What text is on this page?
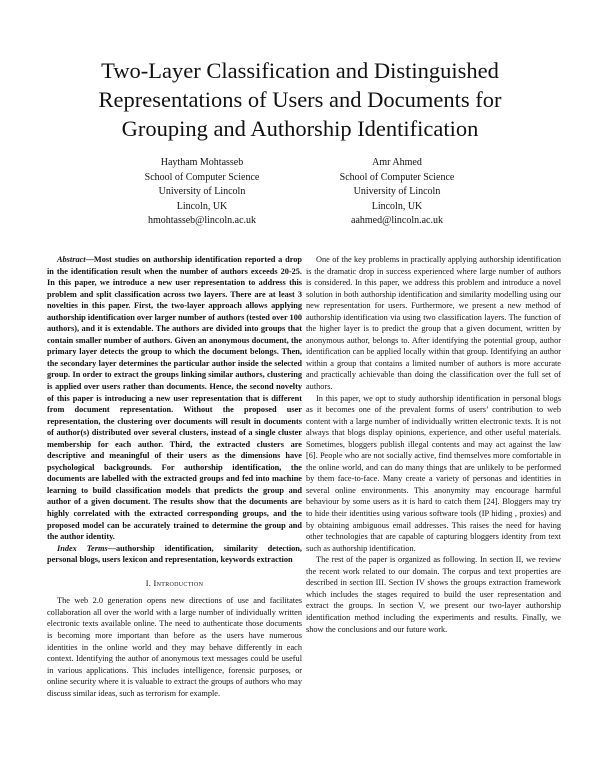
Two-Layer Classification and Distinguished
Representations of Users and Documents for
Grouping and Authorship Identification
Haytham Mohtasseb
School of Computer Science
University of Lincoln
Lincoln, UK
hmohtasseb@lincoln.ac.uk
Amr Ahmed
School of Computer Science
University of Lincoln
Lincoln, UK
aahmed@lincoln.ac.uk

Abstract—Most studies on authorship identification reported a drop in the identification result when the number of authors exceeds 20-25. In this paper, we introduce a new user representation to address this problem and split classification across two layers. There are at least 3 novelties in this paper. First, the two-layer approach allows applying authorship identification over larger number of authors (tested over 100 authors), and it is extendable. The authors are divided into groups that contain smaller number of authors. Given an anonymous document, the primary layer detects the group to which the document belongs. Then, the secondary layer determines the particular author inside the selected group. In order to extract the groups linking similar authors, clustering is applied over users rather than documents. Hence, the second novelty of this paper is introducing a new user representation that is different from document representation. Without the proposed user representation, the clustering over documents will result in documents of author(s) distributed over several clusters, instead of a single cluster membership for each author. Third, the extracted clusters are descriptive and meaningful of their users as the dimensions have psychological backgrounds. For authorship identification, the documents are labelled with the extracted groups and fed into machine learning to build classification models that predicts the group and author of a given document. The results show that the documents are highly correlated with the extracted corresponding groups, and the proposed model can be accurately trained to determine the group and the author identity.

Index Terms—authorship identification, similarity detection, personal blogs, users lexicon and representation, keywords extraction

I. Introduction

The web 2.0 generation opens new directions of use and facilitates collaboration all over the world with a large number of individually written electronic texts available online. The need to authenticate those documents is becoming more important than before as the users have numerous identities in the online world and they may behave differently in each context. Identifying the author of anonymous text messages could be useful in various applications. This includes intelligence, forensic purposes, or online security where it is valuable to extract the groups of authors who may discuss similar ideas, such as terrorism for example.

One of the key problems in practically applying authorship identification is the dramatic drop in success experienced where large number of authors is considered. In this paper, we address this problem and introduce a novel solution in both authorship identification and similarity modelling using our new representation for users. Furthermore, we present a new method of authorship identification via using two classification layers. The function of the higher layer is to predict the group that a given document, written by anonymous author, belongs to. After identifying the potential group, author identification can be applied locally within that group. Identifying an author within a group that contains a limited number of authors is more accurate and practically achievable than doing the classification over the full set of authors.

In this paper, we opt to study authorship identification in personal blogs as it becomes one of the prevalent forms of users’ contribution to web content with a large number of individually written electronic texts. It is not always that blogs display opinions, experience, and other useful materials. Sometimes, bloggers publish illegal contents and may act against the law [6]. People who are not socially active, find themselves more comfortable in the online world, and can do many things that are unlikely to be performed by them face-to-face. Many create a variety of personas and identities in several online environments. This anonymity may encourage harmful behaviour by some users as it is hard to catch them [24]. Bloggers may try to hide their identities using various software tools (IP hiding , proxies) and by obtaining ambiguous email addresses. This raises the need for having other technologies that are capable of capturing bloggers identity from text such as authorship identification.

The rest of the paper is organized as following. In section II, we review the recent work related to our domain. The corpus and text properties are described in section III. Section IV shows the groups extraction framework which includes the stages required to build the user representation and extract the groups. In section V, we present our two-layer authorship identification method including the experiments and results. Finally, we show the conclusions and our future work.
